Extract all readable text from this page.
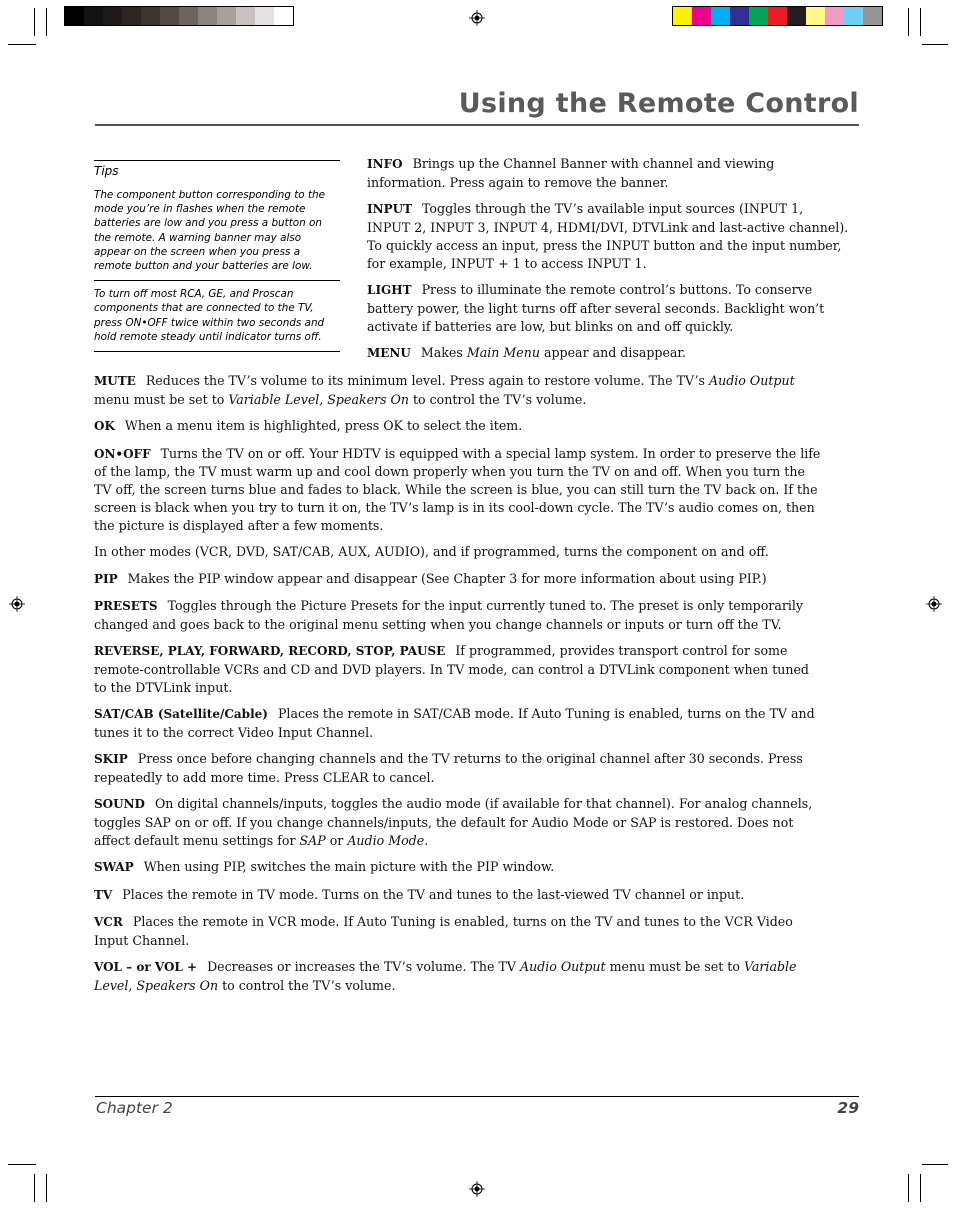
Using the Remote Control
Tips

The component button corresponding to the mode you’re in flashes when the remote batteries are low and you press a button on the remote. A warning banner may also appear on the screen when you press a remote button and your batteries are low.

To turn off most RCA, GE, and Proscan components that are connected to the TV, press ON•OFF twice within two seconds and hold remote steady until indicator turns off.

INFO Brings up the Channel Banner with channel and viewing information. Press again to remove the banner.

INPUT Toggles through the TV’s available input sources (INPUT 1, INPUT 2, INPUT 3, INPUT 4, HDMI/DVI, DTVLink and last-active channel). To quickly access an input, press the INPUT button and the input number, for example, INPUT + 1 to access INPUT 1.

LIGHT Press to illuminate the remote control’s buttons. To conserve battery power, the light turns off after several seconds. Backlight won’t activate if batteries are low, but blinks on and off quickly.

MENU Makes Main Menu appear and disappear.

MUTE Reduces the TV’s volume to its minimum level. Press again to restore volume. The TV’s Audio Output menu must be set to Variable Level, Speakers On to control the TV’s volume.

OK When a menu item is highlighted, press OK to select the item.

ON•OFF Turns the TV on or off. Your HDTV is equipped with a special lamp system. In order to preserve the life of the lamp, the TV must warm up and cool down properly when you turn the TV on and off. When you turn the TV off, the screen turns blue and fades to black. While the screen is blue, you can still turn the TV back on. If the screen is black when you try to turn it on, the TV’s lamp is in its cool-down cycle. The TV’s audio comes on, then the picture is displayed after a few moments.

In other modes (VCR, DVD, SAT/CAB, AUX, AUDIO), and if programmed, turns the component on and off.

PIP Makes the PIP window appear and disappear (See Chapter 3 for more information about using PIP.)

PRESETS Toggles through the Picture Presets for the input currently tuned to. The preset is only temporarily changed and goes back to the original menu setting when you change channels or inputs or turn off the TV.

REVERSE, PLAY, FORWARD, RECORD, STOP, PAUSE If programmed, provides transport control for some remote-controllable VCRs and CD and DVD players. In TV mode, can control a DTVLink component when tuned to the DTVLink input.

SAT/CAB (Satellite/Cable) Places the remote in SAT/CAB mode. If Auto Tuning is enabled, turns on the TV and tunes it to the correct Video Input Channel.

SKIP Press once before changing channels and the TV returns to the original channel after 30 seconds. Press repeatedly to add more time. Press CLEAR to cancel.

SOUND On digital channels/inputs, toggles the audio mode (if available for that channel). For analog channels, toggles SAP on or off. If you change channels/inputs, the default for Audio Mode or SAP is restored. Does not affect default menu settings for SAP or Audio Mode.

SWAP When using PIP, switches the main picture with the PIP window.

TV Places the remote in TV mode. Turns on the TV and tunes to the last-viewed TV channel or input.

VCR Places the remote in VCR mode. If Auto Tuning is enabled, turns on the TV and tunes to the VCR Video Input Channel.

VOL – or VOL + Decreases or increases the TV’s volume. The TV Audio Output menu must be set to Variable Level, Speakers On to control the TV’s volume.

Chapter 2	29
